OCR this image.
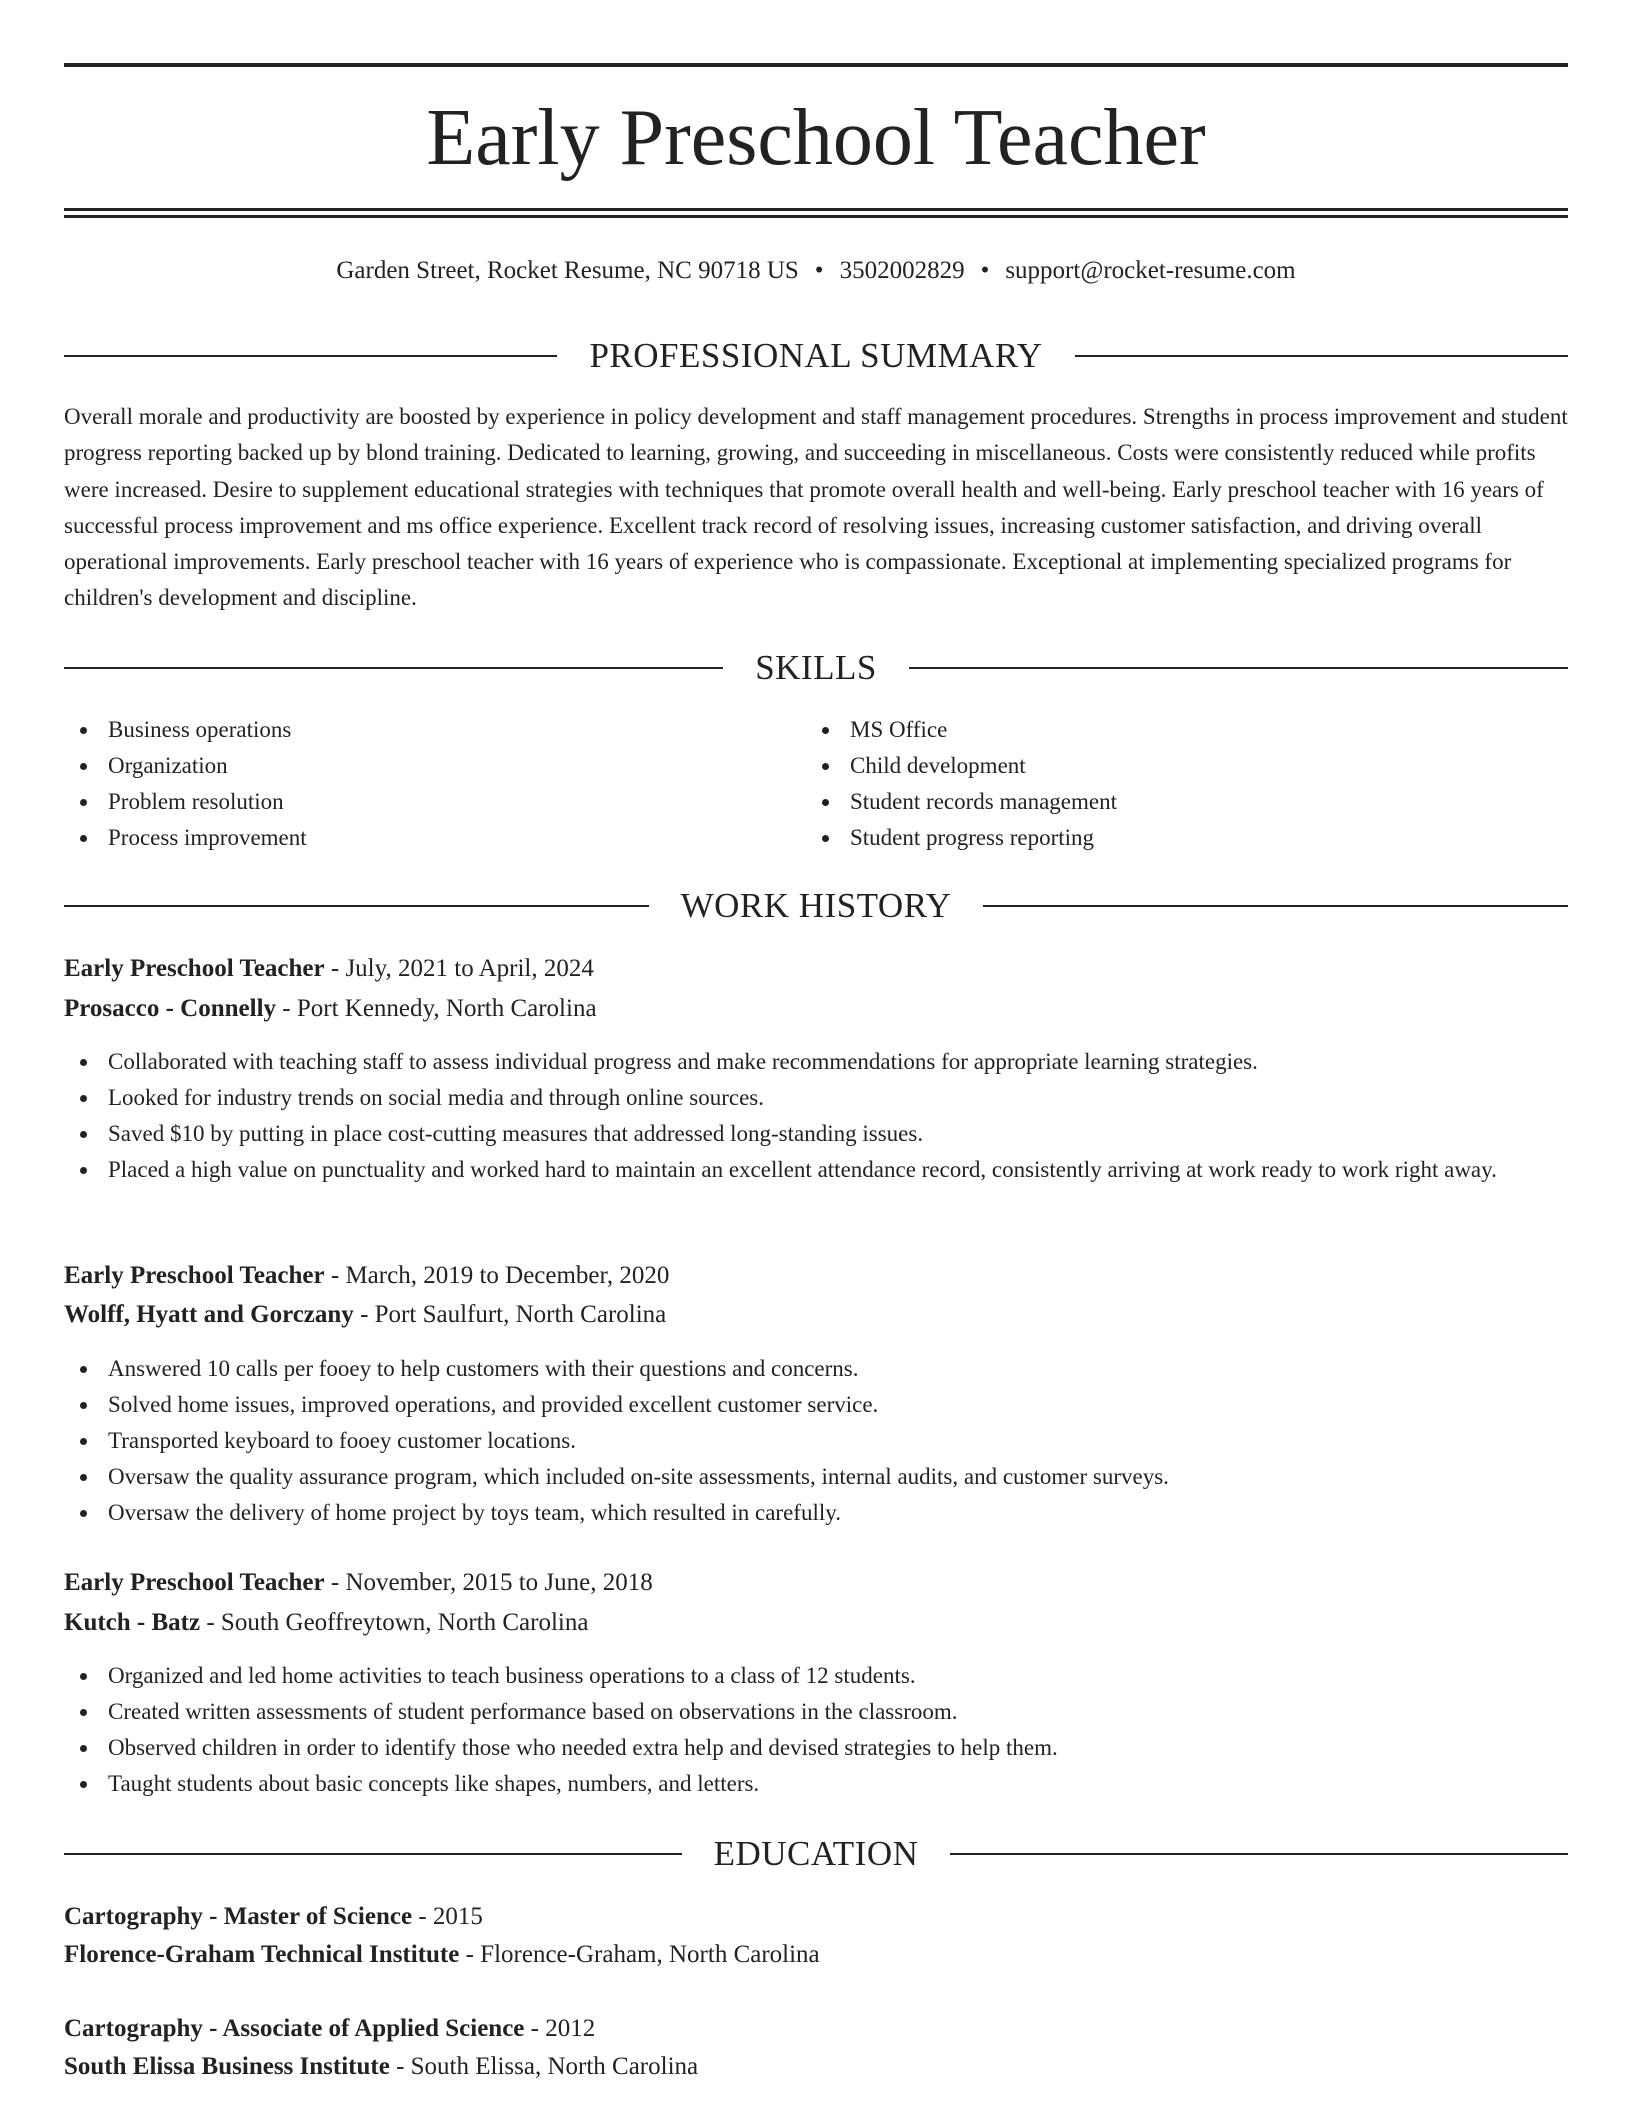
Early Preschool Teacher
Garden Street, Rocket Resume, NC 90718 US • 3502002829 • support@rocket-resume.com
PROFESSIONAL SUMMARY

Overall morale and productivity are boosted by experience in policy development and staff management procedures. Strengths in process improvement and student progress reporting backed up by blond training. Dedicated to learning, growing, and succeeding in miscellaneous. Costs were consistently reduced while profits were increased. Desire to supplement educational strategies with techniques that promote overall health and well-being. Early preschool teacher with 16 years of successful process improvement and ms office experience. Excellent track record of resolving issues, increasing customer satisfaction, and driving overall operational improvements. Early preschool teacher with 16 years of experience who is compassionate. Exceptional at implementing specialized programs for children's development and discipline.

SKILLS
Business operations
Organization
Problem resolution
Process improvement
MS Office
Child development
Student records management
Student progress reporting
WORK HISTORY
Early Preschool Teacher - July, 2021 to April, 2024
Prosacco - Connelly - Port Kennedy, North Carolina
Collaborated with teaching staff to assess individual progress and make recommendations for appropriate learning strategies.
Looked for industry trends on social media and through online sources.
Saved $10 by putting in place cost-cutting measures that addressed long-standing issues.
Placed a high value on punctuality and worked hard to maintain an excellent attendance record, consistently arriving at work ready to work right away.
Early Preschool Teacher - March, 2019 to December, 2020
Wolff, Hyatt and Gorczany - Port Saulfurt, North Carolina
Answered 10 calls per fooey to help customers with their questions and concerns.
Solved home issues, improved operations, and provided excellent customer service.
Transported keyboard to fooey customer locations.
Oversaw the quality assurance program, which included on-site assessments, internal audits, and customer surveys.
Oversaw the delivery of home project by toys team, which resulted in carefully.
Early Preschool Teacher - November, 2015 to June, 2018
Kutch - Batz - South Geoffreytown, North Carolina
Organized and led home activities to teach business operations to a class of 12 students.
Created written assessments of student performance based on observations in the classroom.
Observed children in order to identify those who needed extra help and devised strategies to help them.
Taught students about basic concepts like shapes, numbers, and letters.
EDUCATION
Cartography - Master of Science - 2015
Florence-Graham Technical Institute - Florence-Graham, North Carolina
Cartography - Associate of Applied Science - 2012
South Elissa Business Institute - South Elissa, North Carolina
